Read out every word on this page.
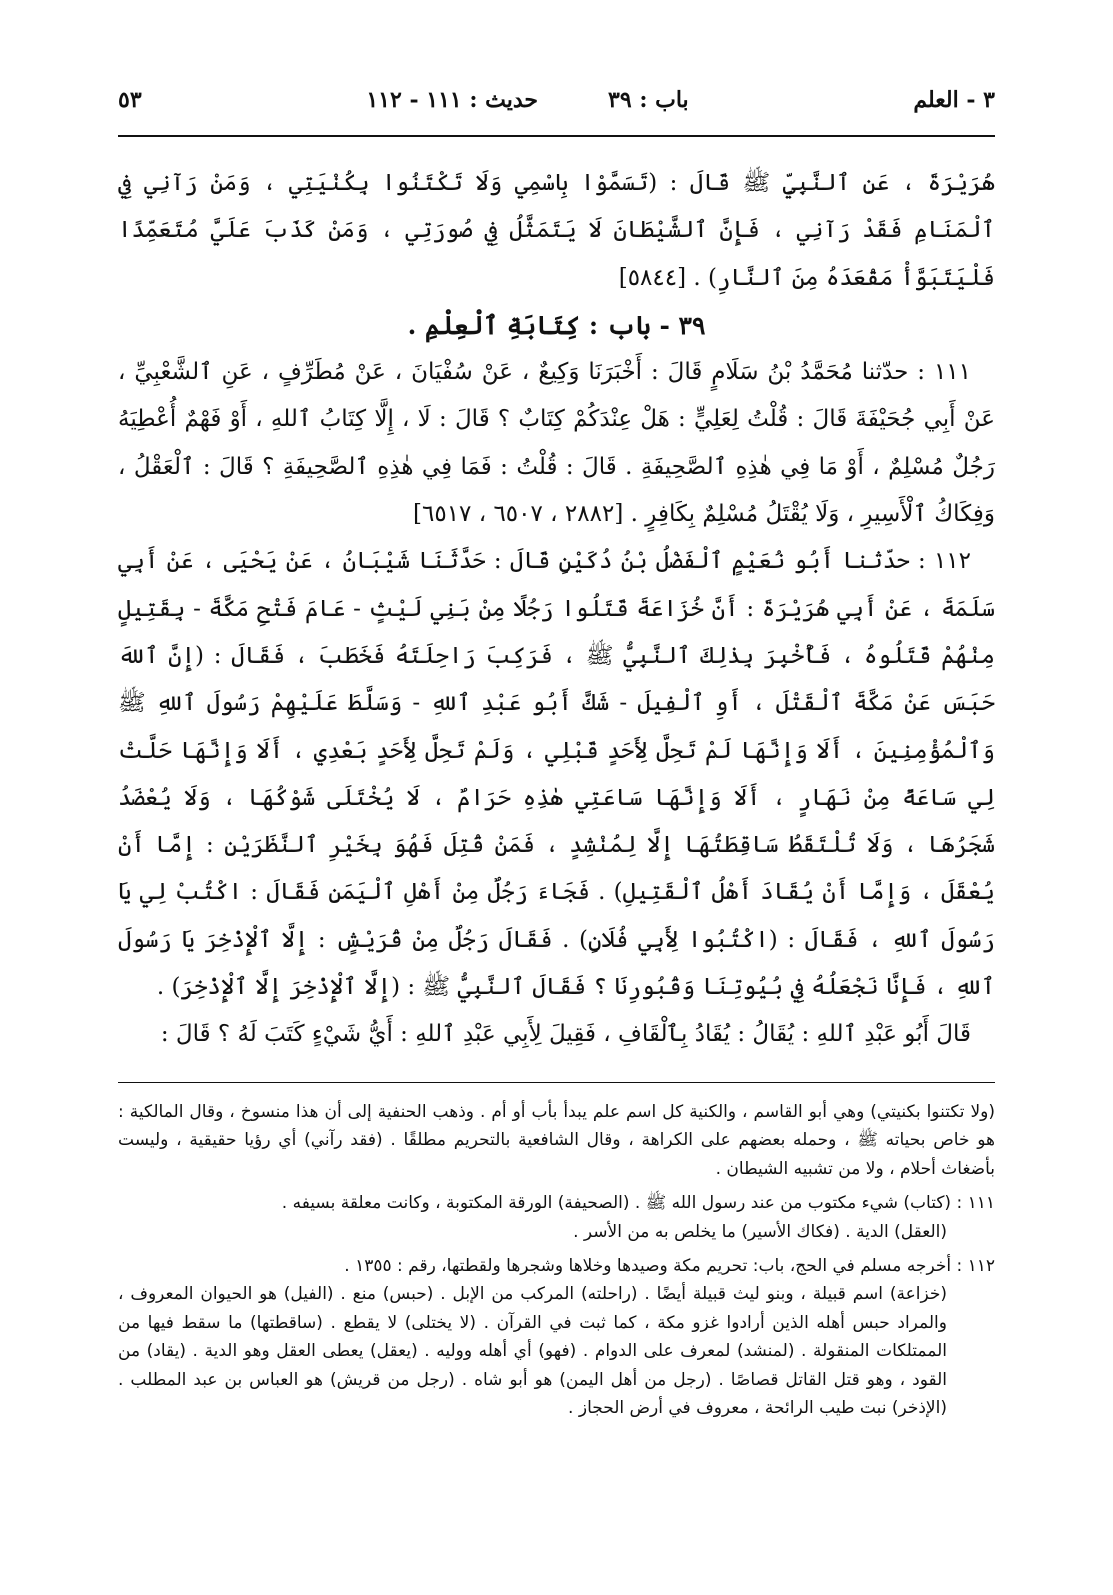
٣ - العلم
باب : ٣٩
حديث : ١١١ - ١١٢
٥٣

هُرَيْرَةَ ، عَنِ ٱلنَّبِيِّ ﷺ قَالَ : (تَسَمَّوْا بِاسْمِي وَلَا تَكْتَنُوا بِكُنْيَتِي ، وَمَنْ رَآنِي فِي ٱلْمَنَامِ فَقَدْ رَآنِي ، فَإِنَّ ٱلشَّيْطَانَ لَا يَتَمَثَّلُ فِي صُورَتِي ، وَمَنْ كَذَبَ عَلَيَّ مُتَعَمِّدًا فَلْيَتَبَوَّأْ مَقْعَدَهُ مِنَ ٱلنَّارِ) . [٥٨٤٤]

٣٩ - باب : كِتَابَةِ ٱلْعِلْمِ .

١١١ : حدّثنا مُحَمَّدُ بْنُ سَلَامٍ قَالَ : أَخْبَرَنَا وَكِيعٌ ، عَنْ سُفْيَانَ ، عَنْ مُطَرِّفٍ ، عَنِ ٱلشَّعْبِيِّ ، عَنْ أَبِي جُحَيْفَةَ قَالَ : قُلْتُ لِعَلِيٍّ : هَلْ عِنْدَكُمْ كِتَابٌ ؟ قَالَ : لَا ، إِلَّا كِتَابُ ٱللهِ ، أَوْ فَهْمٌ أُعْطِيَهُ رَجُلٌ مُسْلِمٌ ، أَوْ مَا فِي هٰذِهِ ٱلصَّحِيفَةِ . قَالَ : قُلْتُ : فَمَا فِي هٰذِهِ ٱلصَّحِيفَةِ ؟ قَالَ : ٱلْعَقْلُ ، وَفِكَاكُ ٱلْأَسِيرِ ، وَلَا يُقْتَلُ مُسْلِمٌ بِكَافِرٍ . [٢٨٨٢ ، ٦٥٠٧ ، ٦٥١٧]

١١٢ : حدّثنا أَبُو نُعَيْمٍ ٱلْفَضْلُ بْنُ دُكَيْنٍ قَالَ : حَدَّثَنَا شَيْبَانُ ، عَنْ يَحْيَى ، عَنْ أَبِي سَلَمَةَ ، عَنْ أَبِي هُرَيْرَةَ : أَنَّ خُزَاعَةَ قَتَلُوا رَجُلًا مِنْ بَنِي لَيْثٍ - عَامَ فَتْحِ مَكَّةَ - بِقَتِيلٍ مِنْهُمْ قَتَلُوهُ ، فَأُخْبِرَ بِذٰلِكَ ٱلنَّبِيُّ ﷺ ، فَرَكِبَ رَاحِلَتَهُ فَخَطَبَ ، فَقَالَ : (إِنَّ ٱللهَ حَبَسَ عَنْ مَكَّةَ ٱلْقَتْلَ ، أَوِ ٱلْفِيلَ - شَكَّ أَبُو عَبْدِ ٱللهِ - وَسَلَّطَ عَلَيْهِمْ رَسُولَ ٱللهِ ﷺ وَٱلْمُؤْمِنِينَ ، أَلَا وَإِنَّهَا لَمْ تَحِلَّ لِأَحَدٍ قَبْلِي ، وَلَمْ تَحِلَّ لِأَحَدٍ بَعْدِي ، أَلَا وَإِنَّهَا حَلَّتْ لِي سَاعَةً مِنْ نَهَارٍ ، أَلَا وَإِنَّهَا سَاعَتِي هٰذِهِ حَرَامٌ ، لَا يُخْتَلَى شَوْكُهَا ، وَلَا يُعْضَدُ شَجَرُهَا ، وَلَا تُلْتَقَطُ سَاقِطَتُهَا إِلَّا لِمُنْشِدٍ ، فَمَنْ قُتِلَ فَهُوَ بِخَيْرِ ٱلنَّظَرَيْنِ : إِمَّا أَنْ يُعْقَلَ ، وَإِمَّا أَنْ يُقَادَ أَهْلُ ٱلْقَتِيلِ) . فَجَاءَ رَجُلٌ مِنْ أَهْلِ ٱلْيَمَنِ فَقَالَ : اكْتُبْ لِي يَا رَسُولَ ٱللهِ ، فَقَالَ : (اكْتُبُوا لِأَبِي فُلَانٍ) . فَقَالَ رَجُلٌ مِنْ قُرَيْشٍ : إِلَّا ٱلْإِذْخِرَ يَا رَسُولَ ٱللهِ ، فَإِنَّا نَجْعَلُهُ فِي بُيُوتِنَا وَقُبُورِنَا ؟ فَقَالَ ٱلنَّبِيُّ ﷺ : (إِلَّا ٱلْإِذْخِرَ إِلَّا ٱلْإِذْخِرَ) .

قَالَ أَبُو عَبْدِ ٱللهِ : يُقَالُ : يُقَادُ بِٱلْقَافِ ، فَقِيلَ لِأَبِي عَبْدِ ٱللهِ : أَيُّ شَيْءٍ كَتَبَ لَهُ ؟ قَالَ :

(ولا تكتنوا بكنيتي) وهي أبو القاسم ، والكنية كل اسم علم يبدأ بأب أو أم . وذهب الحنفية إلى أن هذا منسوخ ، وقال المالكية : هو خاص بحياته ﷺ ، وحمله بعضهم على الكراهة ، وقال الشافعية بالتحريم مطلقًا . (فقد رآني) أي رؤيا حقيقية ، وليست بأضغاث أحلام ، ولا من تشبيه الشيطان .

١١١ : (كتاب) شيء مكتوب من عند رسول الله ﷺ . (الصحيفة) الورقة المكتوبة ، وكانت معلقة بسيفه .

(العقل) الدية . (فكاك الأسير) ما يخلص به من الأسر .

١١٢ : أخرجه مسلم في الحج، باب: تحريم مكة وصيدها وخلاها وشجرها ولقطتها، رقم : ١٣٥٥ .

(خزاعة) اسم قبيلة ، وبنو ليث قبيلة أيضًا . (راحلته) المركب من الإبل . (حبس) منع . (الفيل) هو الحيوان المعروف ، والمراد حبس أهله الذين أرادوا غزو مكة ، كما ثبت في القرآن . (لا يختلى) لا يقطع . (ساقطتها) ما سقط فيها من الممتلكات المنقولة . (لمنشد) لمعرف على الدوام . (فهو) أي أهله ووليه . (يعقل) يعطى العقل وهو الدية . (يقاد) من القود ، وهو قتل القاتل قصاصًا . (رجل من أهل اليمن) هو أبو شاه . (رجل من قريش) هو العباس بن عبد المطلب . (الإذخر) نبت طيب الرائحة ، معروف في أرض الحجاز .
